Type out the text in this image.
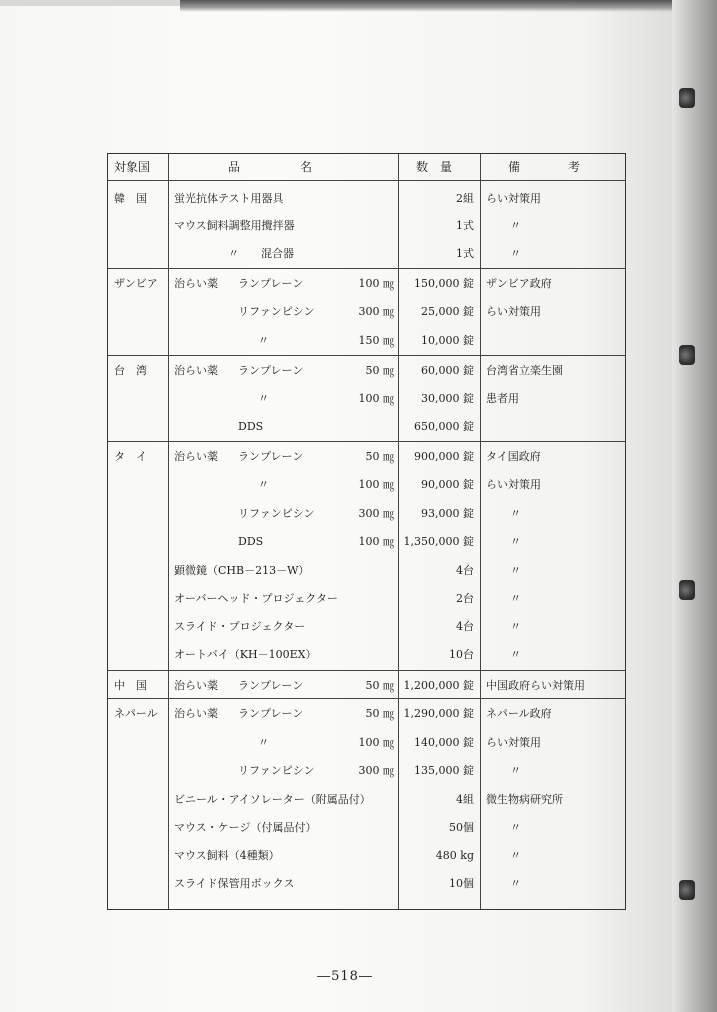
対象国	品　　　　　名	数　量	備　　　　考
韓　国 蛍光抗体テスト用器具	2組 らい対策用
マウス飼料調整用攪拌器	1式	〃
〃　　混合器	1式	〃
ザンビア 治らい薬 ランプレーン	100 ㎎ 150,000 錠 ザンビア政府
リファンピシン	300 ㎎ 25,000 錠 らい対策用
〃	150 ㎎ 10,000 錠
台　湾 治らい薬 ランプレーン	50 ㎎ 60,000 錠 台湾省立楽生園
〃	100 ㎎ 30,000 錠 患者用
DDS	650,000 錠
タ　イ 治らい薬 ランプレーン	50 ㎎ 900,000 錠 タイ国政府
〃	100 ㎎ 90,000 錠 らい対策用
リファンピシン	300 ㎎ 93,000 錠	〃
DDS	100 ㎎ 1,350,000 錠	〃
顕微鏡（CHB－213－W）	4台	〃
オーバーヘッド・プロジェクター	2台	〃
スライド・プロジェクター	4台	〃
オートバイ（KH－100EX）	10台	〃
中　国 治らい薬 ランプレーン	50 ㎎ 1,200,000 錠 中国政府らい対策用
ネパール 治らい薬 ランプレーン	50 ㎎ 1,290,000 錠 ネパール政府
〃	100 ㎎ 140,000 錠 らい対策用
リファンピシン	300 ㎎ 135,000 錠	〃
ビニール・アイソレーター（附属品付）	4組 微生物病研究所
マウス・ケージ（付属品付）	50個	〃
マウス飼料（4種類）	480 kg	〃
スライド保管用ボックス	10個	〃
―518―
